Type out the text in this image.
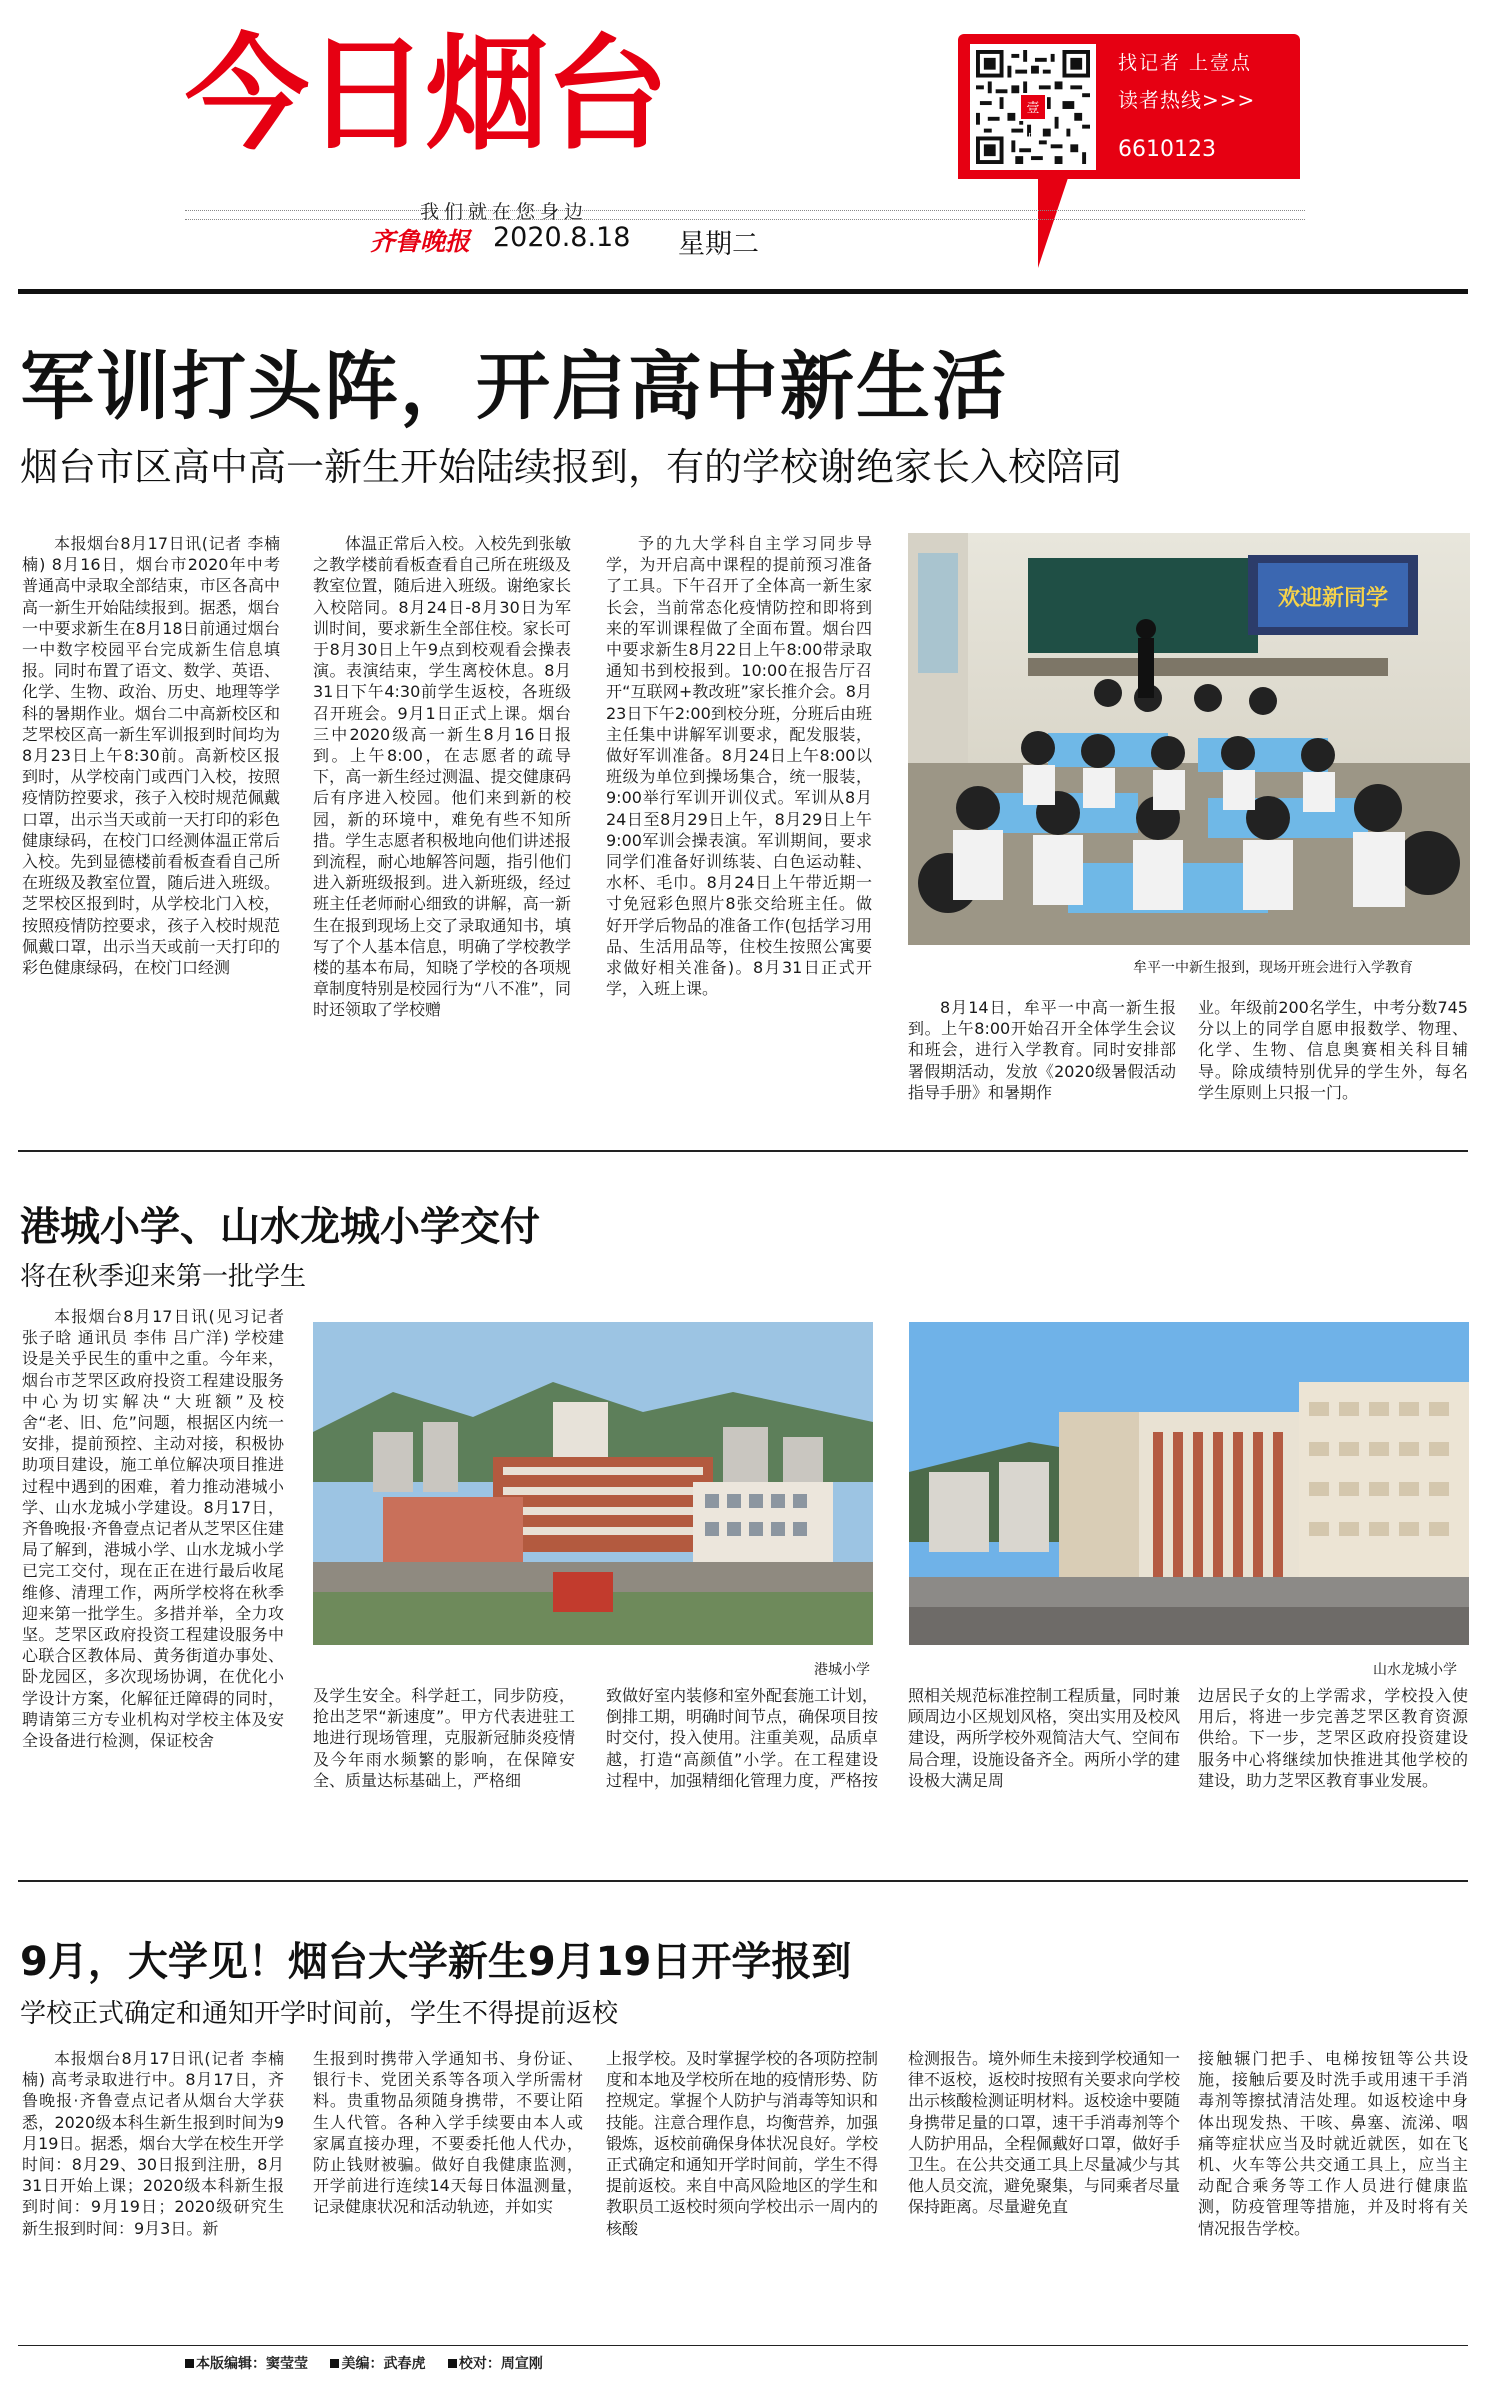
今日烟台	壹点
找记者 上壹点
读者热线>>>
6610123
我们就在您身边
齐鲁晚报 2020.8.18 星期二
军训打头阵，开启高中新生活
烟台市区高中高一新生开始陆续报到，有的学校谢绝家长入校陪同

本报烟台8月17日讯(记者 李楠楠) 8月16日，烟台市2020年中考普通高中录取全部结束，市区各高中高一新生开始陆续报到。据悉，烟台一中要求新生在8月18日前通过烟台一中数字校园平台完成新生信息填报。同时布置了语文、数学、英语、化学、生物、政治、历史、地理等学科的暑期作业。烟台二中高新校区和芝罘校区高一新生军训报到时间均为8月23日上午8:30前。高新校区报到时，从学校南门或西门入校，按照疫情防控要求，孩子入校时规范佩戴口罩，出示当天或前一天打印的彩色健康绿码，在校门口经测体温正常后入校。先到显德楼前看板查看自己所在班级及教室位置，随后进入班级。芝罘校区报到时，从学校北门入校，按照疫情防控要求，孩子入校时规范佩戴口罩，出示当天或前一天打印的彩色健康绿码，在校门口经测

体温正常后入校。入校先到张敏之教学楼前看板查看自己所在班级及教室位置，随后进入班级。谢绝家长入校陪同。8月24日-8月30日为军训时间，要求新生全部住校。家长可于8月30日上午9点到校观看会操表演。表演结束，学生离校休息。8月31日下午4:30前学生返校，各班级召开班会。9月1日正式上课。烟台三中2020级高一新生8月16日报到。上午8:00，在志愿者的疏导下，高一新生经过测温、提交健康码后有序进入校园。他们来到新的校园，新的环境中，难免有些不知所措。学生志愿者积极地向他们讲述报到流程，耐心地解答问题，指引他们进入新班级报到。进入新班级，经过班主任老师耐心细致的讲解，高一新生在报到现场上交了录取通知书，填写了个人基本信息，明确了学校教学楼的基本布局，知晓了学校的各项规章制度特别是校园行为“八不准”，同时还领取了学校赠

予的九大学科自主学习同步导学，为开启高中课程的提前预习准备了工具。下午召开了全体高一新生家长会，当前常态化疫情防控和即将到来的军训课程做了全面布置。烟台四中要求新生8月22日上午8:00带录取通知书到校报到。10:00在报告厅召开“互联网+教改班”家长推介会。8月23日下午2:00到校分班，分班后由班主任集中讲解军训要求，配发服装，做好军训准备。8月24日上午8:00以班级为单位到操场集合，统一服装，9:00举行军训开训仪式。军训从8月24日至8月29日上午，8月29日上午9:00军训会操表演。军训期间，要求同学们准备好训练装、白色运动鞋、水杯、毛巾。8月24日上午带近期一寸免冠彩色照片8张交给班主任。做好开学后物品的准备工作(包括学习用品、生活用品等，住校生按照公寓要求做好相关准备)。8月31日正式开学，入班上课。

欢迎新同学
牟平一中新生报到，现场开班会进行入学教育

8月14日，牟平一中高一新生报到。上午8:00开始召开全体学生会议和班会，进行入学教育。同时安排部署假期活动，发放《2020级暑假活动指导手册》和暑期作

业。年级前200名学生，中考分数745分以上的同学自愿申报数学、物理、化学、生物、信息奥赛相关科目辅导。除成绩特别优异的学生外，每名学生原则上只报一门。

港城小学、山水龙城小学交付
将在秋季迎来第一批学生

本报烟台8月17日讯(见习记者 张子晗 通讯员 李伟 吕广洋) 学校建设是关乎民生的重中之重。今年来，烟台市芝罘区政府投资工程建设服务中心为切实解决“大班额”及校舍“老、旧、危”问题，根据区内统一安排，提前预控、主动对接，积极协助项目建设，施工单位解决项目推进过程中遇到的困难，着力推动港城小学、山水龙城小学建设。8月17日，齐鲁晚报·齐鲁壹点记者从芝罘区住建局了解到，港城小学、山水龙城小学已完工交付，现在正在进行最后收尾维修、清理工作，两所学校将在秋季迎来第一批学生。多措并举，全力攻坚。芝罘区政府投资工程建设服务中心联合区教体局、黄务街道办事处、卧龙园区，多次现场协调，在优化小学设计方案，化解征迁障碍的同时，聘请第三方专业机构对学校主体及安全设备进行检测，保证校舍

港城小学	山水龙城小学

及学生安全。科学赶工，同步防疫，抢出芝罘“新速度”。甲方代表进驻工地进行现场管理，克服新冠肺炎疫情及今年雨水频繁的影响，在保障安全、质量达标基础上，严格细

致做好室内装修和室外配套施工计划，倒排工期，明确时间节点，确保项目按时交付，投入使用。注重美观，品质卓越，打造“高颜值”小学。在工程建设过程中，加强精细化管理力度，严格按

照相关规范标准控制工程质量，同时兼顾周边小区规划风格，突出实用及校风建设，两所学校外观简洁大气、空间布局合理，设施设备齐全。两所小学的建设极大满足周

边居民子女的上学需求，学校投入使用后，将进一步完善芝罘区教育资源供给。下一步，芝罘区政府投资建设服务中心将继续加快推进其他学校的建设，助力芝罘区教育事业发展。

9月，大学见！烟台大学新生9月19日开学报到
学校正式确定和通知开学时间前，学生不得提前返校

本报烟台8月17日讯(记者 李楠楠) 高考录取进行中。8月17日，齐鲁晚报·齐鲁壹点记者从烟台大学获悉，2020级本科生新生报到时间为9月19日。据悉，烟台大学在校生开学时间：8月29、30日报到注册，8月31日开始上课；2020级本科新生报到时间：9月19日；2020级研究生新生报到时间：9月3日。新

生报到时携带入学通知书、身份证、银行卡、党团关系等各项入学所需材料。贵重物品须随身携带，不要让陌生人代管。各种入学手续要由本人或家属直接办理，不要委托他人代办，防止钱财被骗。做好自我健康监测，开学前进行连续14天每日体温测量，记录健康状况和活动轨迹，并如实

上报学校。及时掌握学校的各项防控制度和本地及学校所在地的疫情形势、防控规定。掌握个人防护与消毒等知识和技能。注意合理作息，均衡营养，加强锻炼，返校前确保身体状况良好。学校正式确定和通知开学时间前，学生不得提前返校。来自中高风险地区的学生和教职员工返校时须向学校出示一周内的核酸

检测报告。境外师生未接到学校通知一律不返校，返校时按照有关要求向学校出示核酸检测证明材料。返校途中要随身携带足量的口罩，速干手消毒剂等个人防护用品，全程佩戴好口罩，做好手卫生。在公共交通工具上尽量减少与其他人员交流，避免聚集，与同乘者尽量保持距离。尽量避免直

接触辗门把手、电梯按钮等公共设施，接触后要及时洗手或用速干手消毒剂等擦拭清洁处理。如返校途中身体出现发热、干咳、鼻塞、流涕、咽痛等症状应当及时就近就医，如在飞机、火车等公共交通工具上，应当主动配合乘务等工作人员进行健康监测，防疫管理等措施，并及时将有关情况报告学校。

本版编辑：窦莹莹 美编：武春虎 校对：周宣刚
